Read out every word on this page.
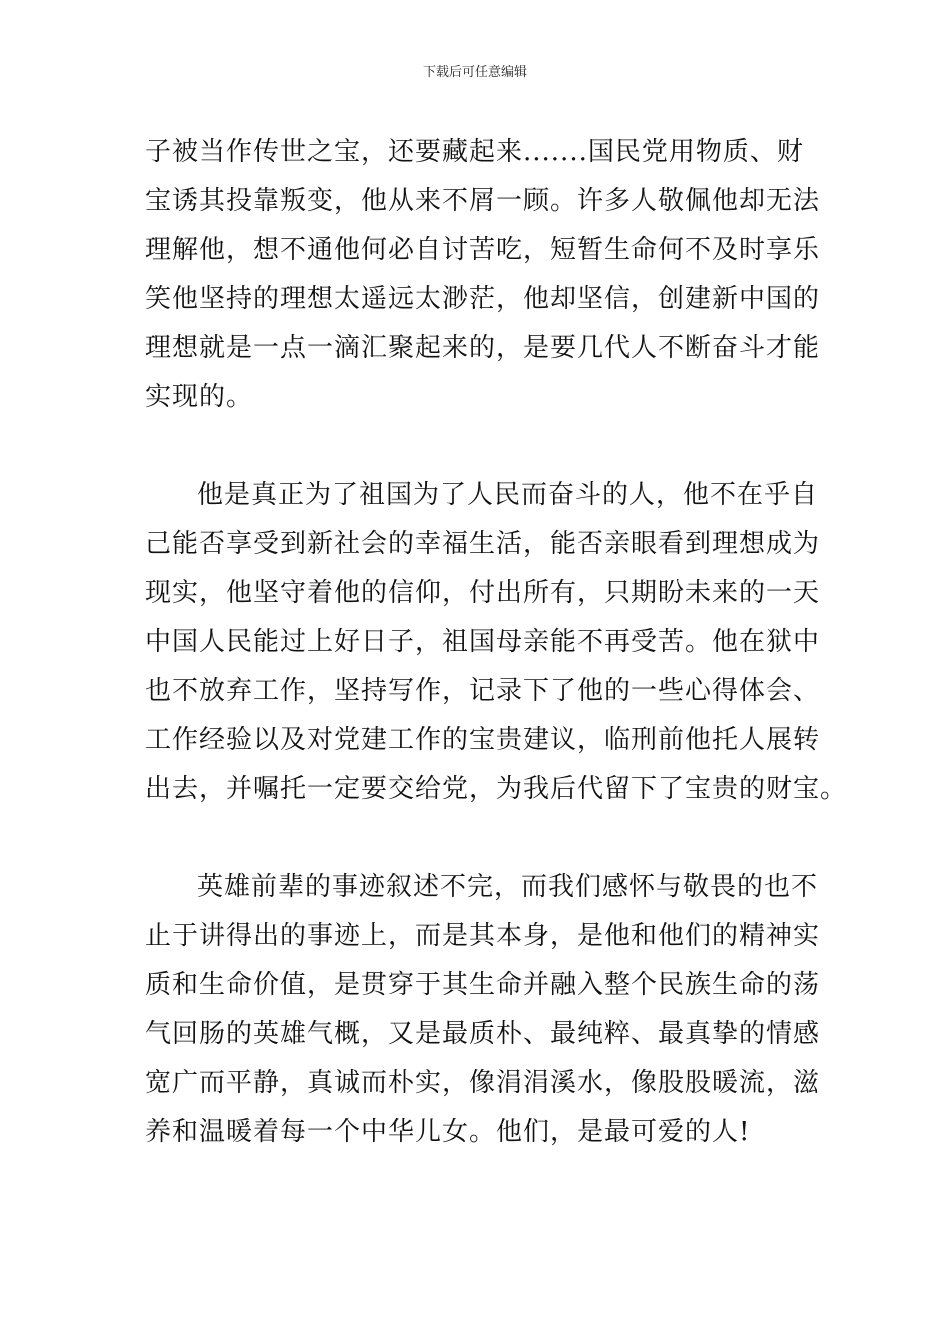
下载后可任意编辑
子被当作传世之宝，还要藏起来.......国民党用物质、财
宝诱其投靠叛变，他从来不屑一顾。许多人敬佩他却无法
理解他，想不通他何必自讨苦吃，短暂生命何不及时享乐
笑他坚持的理想太遥远太渺茫，他却坚信，创建新中国的
理想就是一点一滴汇聚起来的，是要几代人不断奋斗才能
实现的。
他是真正为了祖国为了人民而奋斗的人，他不在乎自
己能否享受到新社会的幸福生活，能否亲眼看到理想成为
现实，他坚守着他的信仰，付出所有，只期盼未来的一天
中国人民能过上好日子，祖国母亲能不再受苦。他在狱中
也不放弃工作，坚持写作，记录下了他的一些心得体会、
工作经验以及对党建工作的宝贵建议，临刑前他托人展转
出去，并嘱托一定要交给党，为我后代留下了宝贵的财宝。
英雄前辈的事迹叙述不完，而我们感怀与敬畏的也不
止于讲得出的事迹上，而是其本身，是他和他们的精神实
质和生命价值，是贯穿于其生命并融入整个民族生命的荡
气回肠的英雄气概，又是最质朴、最纯粹、最真挚的情感
宽广而平静，真诚而朴实，像涓涓溪水，像股股暖流，滋
养和温暖着每一个中华儿女。他们，是最可爱的人!
